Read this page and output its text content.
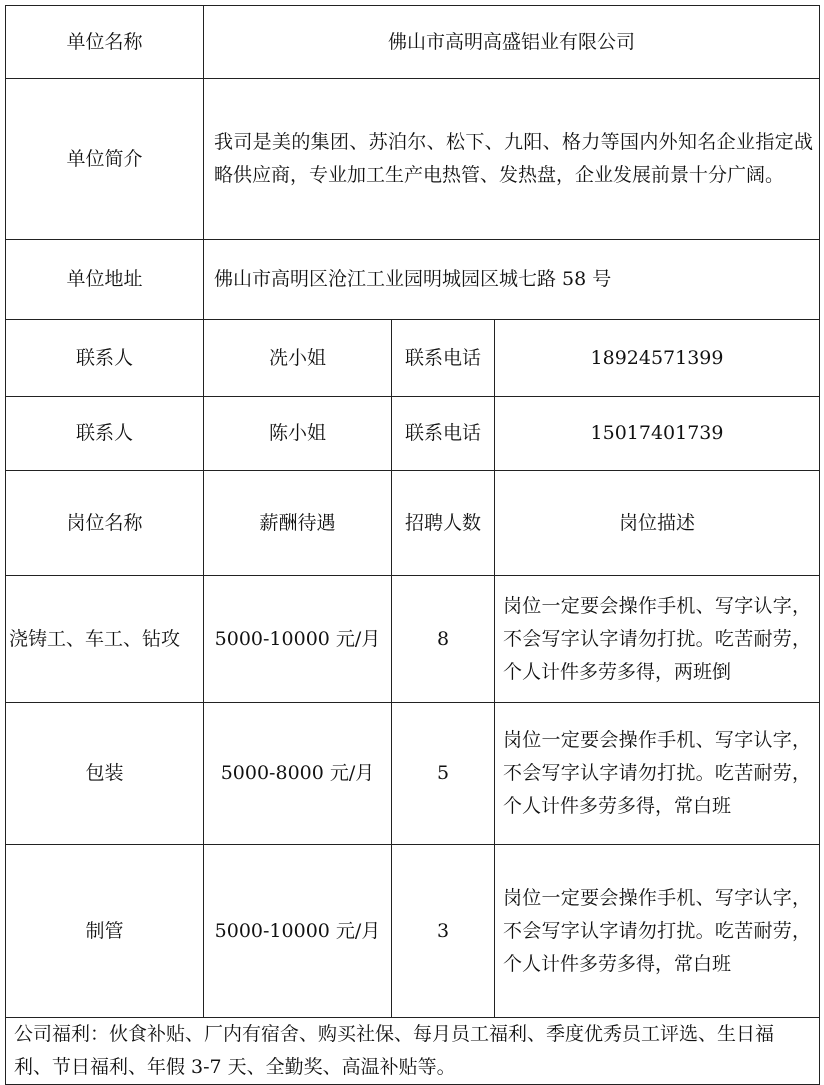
单位名称	佛山市高明高盛铝业有限公司		
单位简介	我司是美的集团、苏泊尔、松下、九阳、格力等国内外知名企业指定战略供应商，专业加工生产电热管、发热盘，企业发展前景十分广阔。		
单位地址	佛山市高明区沧江工业园明城园区城七路 58 号		
联系人	冼小姐	联系电话	18924571399
联系人	陈小姐	联系电话	15017401739
岗位名称	薪酬待遇	招聘人数	岗位描述
浇铸工、车工、钻攻	5000-10000 元/月	8	岗位一定要会操作手机、写字认字，不会写字认字请勿打扰。吃苦耐劳，个人计件多劳多得，两班倒
包装	5000-8000 元/月	5	岗位一定要会操作手机、写字认字，不会写字认字请勿打扰。吃苦耐劳，个人计件多劳多得，常白班
制管	5000-10000 元/月	3	岗位一定要会操作手机、写字认字，不会写字认字请勿打扰。吃苦耐劳，个人计件多劳多得，常白班
公司福利：伙食补贴、厂内有宿舍、购买社保、每月员工福利、季度优秀员工评选、生日福利、节日福利、年假 3-7 天、全勤奖、高温补贴等。			
